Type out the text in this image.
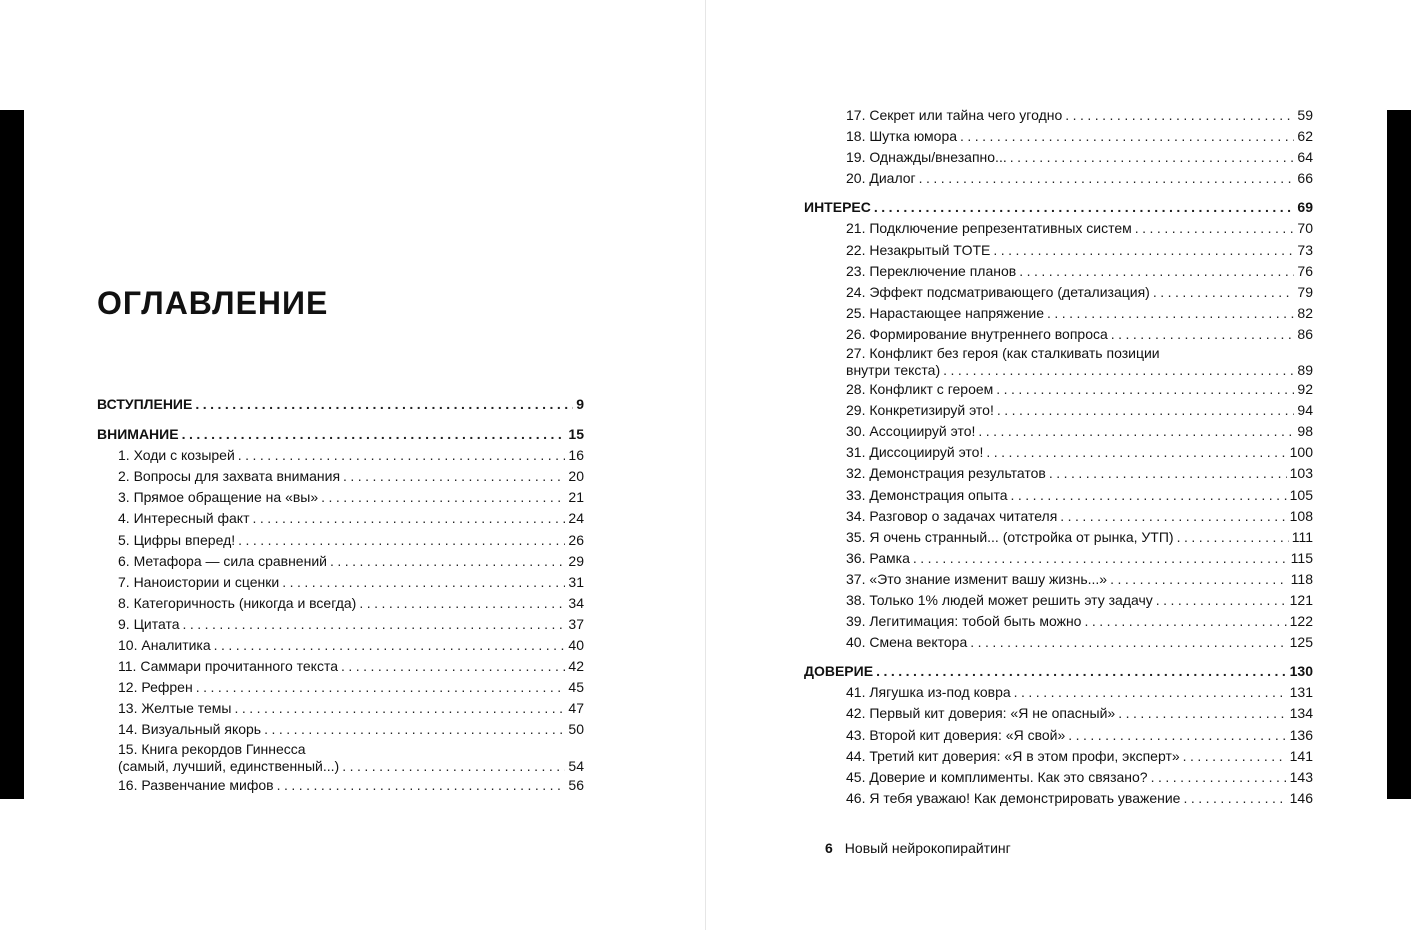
ОГЛАВЛЕНИЕ
ВСТУПЛЕНИЕ . . .	9
ВНИМАНИЕ . . .	15
1. Ходи с козырей . . .	16
2. Вопросы для захвата внимания . . .	20
3. Прямое обращение на «вы» . . .	21
4. Интересный факт . . .	24
5. Цифры вперед! . . .	26
6. Метафора — сила сравнений . . .	29
7. Наноистории и сценки . . .	31
8. Категоричность (никогда и всегда) . . .	34
9. Цитата . . .	37
10. Аналитика . . .	40
11. Саммари прочитанного текста . . .	42
12. Рефрен . . .	45
13. Желтые темы . . .	47
14. Визуальный якорь . . .	50
15. Книга рекордов Гиннесса
(самый, лучший, единственный...) . . .	54
16. Развенчание мифов . . .	56
17. Секрет или тайна чего угодно . . .	59
18. Шутка юмора . . .	62
19. Однажды/внезапно... . . .	64
20. Диалог . . .	66
ИНТЕРЕС . . .	69
21. Подключение репрезентативных систем . . .	70
22. Незакрытый TOTE . . .	73
23. Переключение планов . . .	76
24. Эффект подсматривающего (детализация) . . .	79
25. Нарастающее напряжение . . .	82
26. Формирование внутреннего вопроса . . .	86
27. Конфликт без героя (как сталкивать позиции
внутри текста) . . .	89
28. Конфликт с героем . . .	92
29. Конкретизируй это! . . .	94
30. Ассоциируй это! . . .	98
31. Диссоциируй это! . . .	100
32. Демонстрация результатов . . .	103
33. Демонстрация опыта . . .	105
34. Разговор о задачах читателя . . .	108
35. Я очень странный... (отстройка от рынка, УТП) . . .	111
36. Рамка . . .	115
37. «Это знание изменит вашу жизнь...» . . .	118
38. Только 1% людей может решить эту задачу . . .	121
39. Легитимация: тобой быть можно . . .	122
40. Смена вектора . . .	125
ДОВЕРИЕ . . .	130
41. Лягушка из-под ковра . . .	131
42. Первый кит доверия: «Я не опасный» . . .	134
43. Второй кит доверия: «Я свой» . . .	136
44. Третий кит доверия: «Я в этом профи, эксперт» . . .	141
45. Доверие и комплименты. Как это связано? . . .	143
46. Я тебя уважаю! Как демонстрировать уважение . . .	146
6 Новый нейрокопирайтинг
